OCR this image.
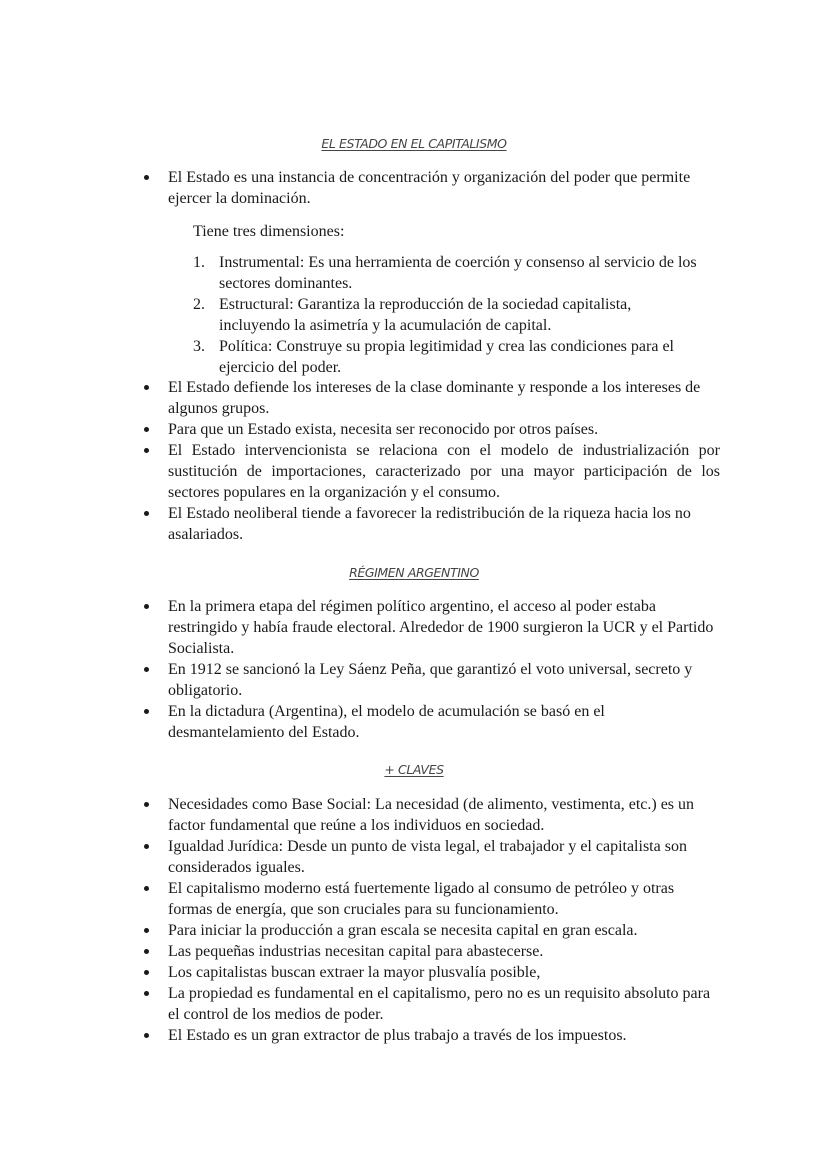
EL ESTADO EN EL CAPITALISMO
El Estado es una instancia de concentración y organización del poder que permite ejercer la dominación.
Tiene tres dimensiones:
1. Instrumental: Es una herramienta de coerción y consenso al servicio de los sectores dominantes.
2. Estructural: Garantiza la reproducción de la sociedad capitalista, incluyendo la asimetría y la acumulación de capital.
3. Política: Construye su propia legitimidad y crea las condiciones para el ejercicio del poder.
El Estado defiende los intereses de la clase dominante y responde a los intereses de algunos grupos.
Para que un Estado exista, necesita ser reconocido por otros países.
El Estado intervencionista se relaciona con el modelo de industrialización por sustitución de importaciones, caracterizado por una mayor participación de los sectores populares en la organización y el consumo.
El Estado neoliberal tiende a favorecer la redistribución de la riqueza hacia los no asalariados.
RÉGIMEN ARGENTINO
En la primera etapa del régimen político argentino, el acceso al poder estaba restringido y había fraude electoral. Alrededor de 1900 surgieron la UCR y el Partido Socialista.
En 1912 se sancionó la Ley Sáenz Peña, que garantizó el voto universal, secreto y obligatorio.
En la dictadura (Argentina), el modelo de acumulación se basó en el desmantelamiento del Estado.
+ CLAVES
Necesidades como Base Social: La necesidad (de alimento, vestimenta, etc.) es un factor fundamental que reúne a los individuos en sociedad.
Igualdad Jurídica: Desde un punto de vista legal, el trabajador y el capitalista son considerados iguales.
El capitalismo moderno está fuertemente ligado al consumo de petróleo y otras formas de energía, que son cruciales para su funcionamiento.
Para iniciar la producción a gran escala se necesita capital en gran escala.
Las pequeñas industrias necesitan capital para abastecerse.
Los capitalistas buscan extraer la mayor plusvalía posible,
La propiedad es fundamental en el capitalismo, pero no es un requisito absoluto para el control de los medios de poder.
El Estado es un gran extractor de plus trabajo a través de los impuestos.
